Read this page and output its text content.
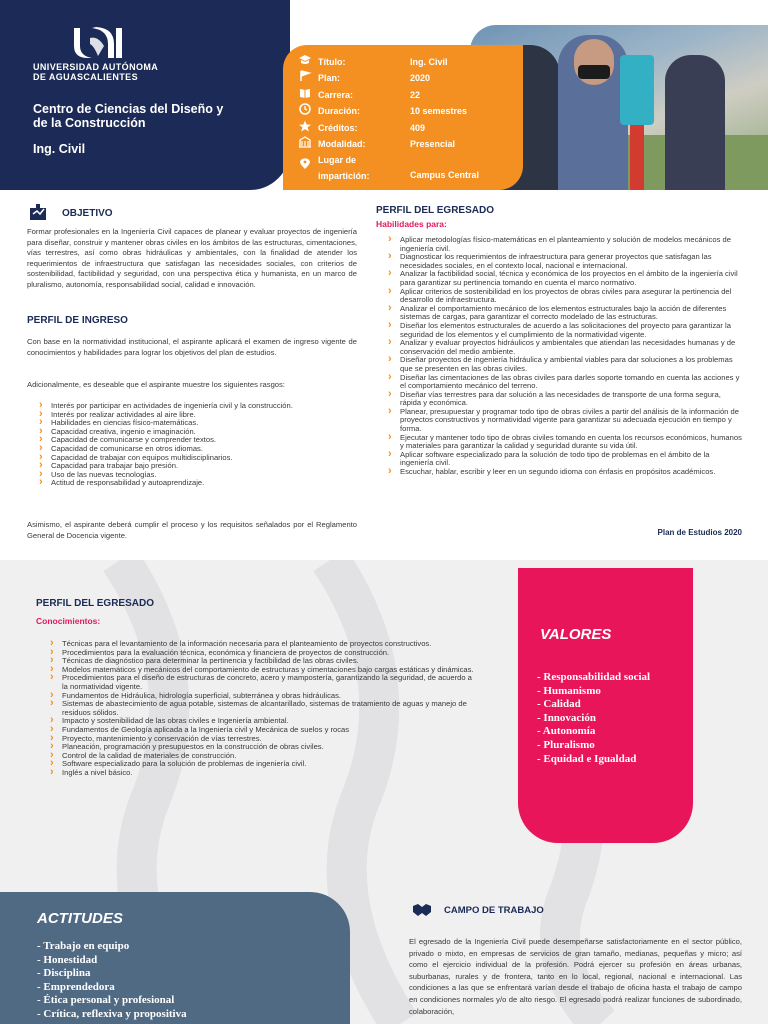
UNIVERSIDAD AUTÓNOMA
DE AGUASCALIENTES
Centro de Ciencias del Diseño y de la Construcción
Ing. Civil
Título:	Ing. Civil
Plan:	2020
Carrera:	22
Duración:	10 semestres
Créditos:	409
Modalidad:	Presencial
Lugar de impartición:	Campus Central
OBJETIVO
Formar profesionales en la Ingeniería Civil capaces de planear y evaluar proyectos de ingeniería para diseñar, construir y mantener obras civiles en los ámbitos de las estructuras, cimentaciones, vías terrestres, así como obras hidráulicas y ambientales, con la finalidad de atender los requerimientos de infraestructura que satisfagan las necesidades sociales, con criterios de sostenibilidad, factibilidad y seguridad, con una perspectiva ética y humanista, en un marco de pluralismo, autonomía, responsabilidad social, calidad e innovación.
PERFIL DE INGRESO
Con base en la normatividad institucional, el aspirante aplicará el examen de ingreso vigente de conocimientos y habilidades para lograr los objetivos del plan de estudios.
Adicionalmente, es deseable que el aspirante muestre los siguientes rasgos:
› Interés por participar en actividades de ingeniería civil y la construcción.
› Interés por realizar actividades al aire libre.
› Habilidades en ciencias físico-matemáticas.
› Capacidad creativa, ingenio e imaginación.
› Capacidad de comunicarse y comprender textos.
› Capacidad de comunicarse en otros idiomas.
› Capacidad de trabajar con equipos multidisciplinarios.
› Capacidad para trabajar bajo presión.
› Uso de las nuevas tecnologías.
› Actitud de responsabilidad y autoaprendizaje.
Asimismo, el aspirante deberá cumplir el proceso y los requisitos señalados por el Reglamento General de Docencia vigente.
PERFIL DEL EGRESADO
Habilidades para:
› Aplicar metodologías físico-matemáticas en el planteamiento y solución de modelos mecánicos de ingeniería civil.
› Diagnosticar los requerimientos de infraestructura para generar proyectos que satisfagan las necesidades sociales, en el contexto local, nacional e internacional.
› Analizar la factibilidad social, técnica y económica de los proyectos en el ámbito de la ingeniería civil para garantizar su pertinencia tomando en cuenta el marco normativo.
› Aplicar criterios de sostenibilidad en los proyectos de obras civiles para asegurar la pertinencia del desarrollo de infraestructura.
› Analizar el comportamiento mecánico de los elementos estructurales bajo la acción de diferentes sistemas de cargas, para garantizar el correcto modelado de las estructuras.
› Diseñar los elementos estructurales de acuerdo a las solicitaciones del proyecto para garantizar la seguridad de los elementos y el cumplimiento de la normatividad vigente.
› Analizar y evaluar proyectos hidráulicos y ambientales que atiendan las necesidades humanas y de conservación del medio ambiente.
› Diseñar proyectos de ingeniería hidráulica y ambiental viables para dar soluciones a los problemas que se presenten en las obras civiles.
› Diseñar las cimentaciones de las obras civiles para darles soporte tomando en cuenta las acciones y el comportamiento mecánico del terreno.
› Diseñar vías terrestres para dar solución a las necesidades de transporte de una forma segura, rápida y económica.
› Planear, presupuestar y programar todo tipo de obras civiles a partir del análisis de la información de proyectos constructivos y normatividad vigente para garantizar su adecuada ejecución en tiempo y forma.
› Ejecutar y mantener todo tipo de obras civiles tomando en cuenta los recursos económicos, humanos y materiales para garantizar la calidad y seguridad durante su vida útil.
› Aplicar software especializado para la solución de todo tipo de problemas en el ámbito de la ingeniería civil.
› Escuchar, hablar, escribir y leer en un segundo idioma con énfasis en propósitos académicos.
Plan de Estudios 2020
VALORES
- Responsabilidad social
- Humanismo
- Calidad
- Innovación
- Autonomía
- Pluralismo
- Equidad e Igualdad
PERFIL DEL EGRESADO
Conocimientos:
› Técnicas para el levantamiento de la información necesaria para el planteamiento de proyectos constructivos.
› Procedimientos para la evaluación técnica, económica y financiera de proyectos de construcción.
› Técnicas de diagnóstico para determinar la pertinencia y factibilidad de las obras civiles.
› Modelos matemáticos y mecánicos del comportamiento de estructuras y cimentaciones bajo cargas estáticas y dinámicas.
› Procedimientos para el diseño de estructuras de concreto, acero y mampostería, garantizando la seguridad, de acuerdo a la normatividad vigente.
› Fundamentos de Hidráulica, hidrología superficial, subterránea y obras hidráulicas.
› Sistemas de abastecimiento de agua potable, sistemas de alcantarillado, sistemas de tratamiento de aguas y manejo de residuos sólidos.
› Impacto y sostenibilidad de las obras civiles e Ingeniería ambiental.
› Fundamentos de Geología aplicada a la Ingeniería civil y Mecánica de suelos y rocas
› Proyecto, mantenimiento y conservación de vías terrestres.
› Planeación, programación y presupuestos en la construcción de obras civiles.
› Control de la calidad de materiales de construcción.
› Software especializado para la solución de problemas de ingeniería civil.
› Inglés a nivel básico.
ACTITUDES
- Trabajo en equipo
- Honestidad
- Disciplina
- Emprendedora
- Ética personal y profesional
- Crítica, reflexiva y propositiva
CAMPO DE TRABAJO
El egresado de la Ingeniería Civil puede desempeñarse satisfactoriamente en el sector público, privado o mixto, en empresas de servicios de gran tamaño, medianas, pequeñas y micro; así como el ejercicio individual de la profesión. Podrá ejercer su profesión en áreas urbanas, suburbanas, rurales y de frontera, tanto en lo local, regional, nacional e internacional. Las condiciones a las que se enfrentará varían desde el trabajo de oficina hasta el trabajo de campo en condiciones normales y/o de alto riesgo. El egresado podrá realizar funciones de subordinado, colaboración,
